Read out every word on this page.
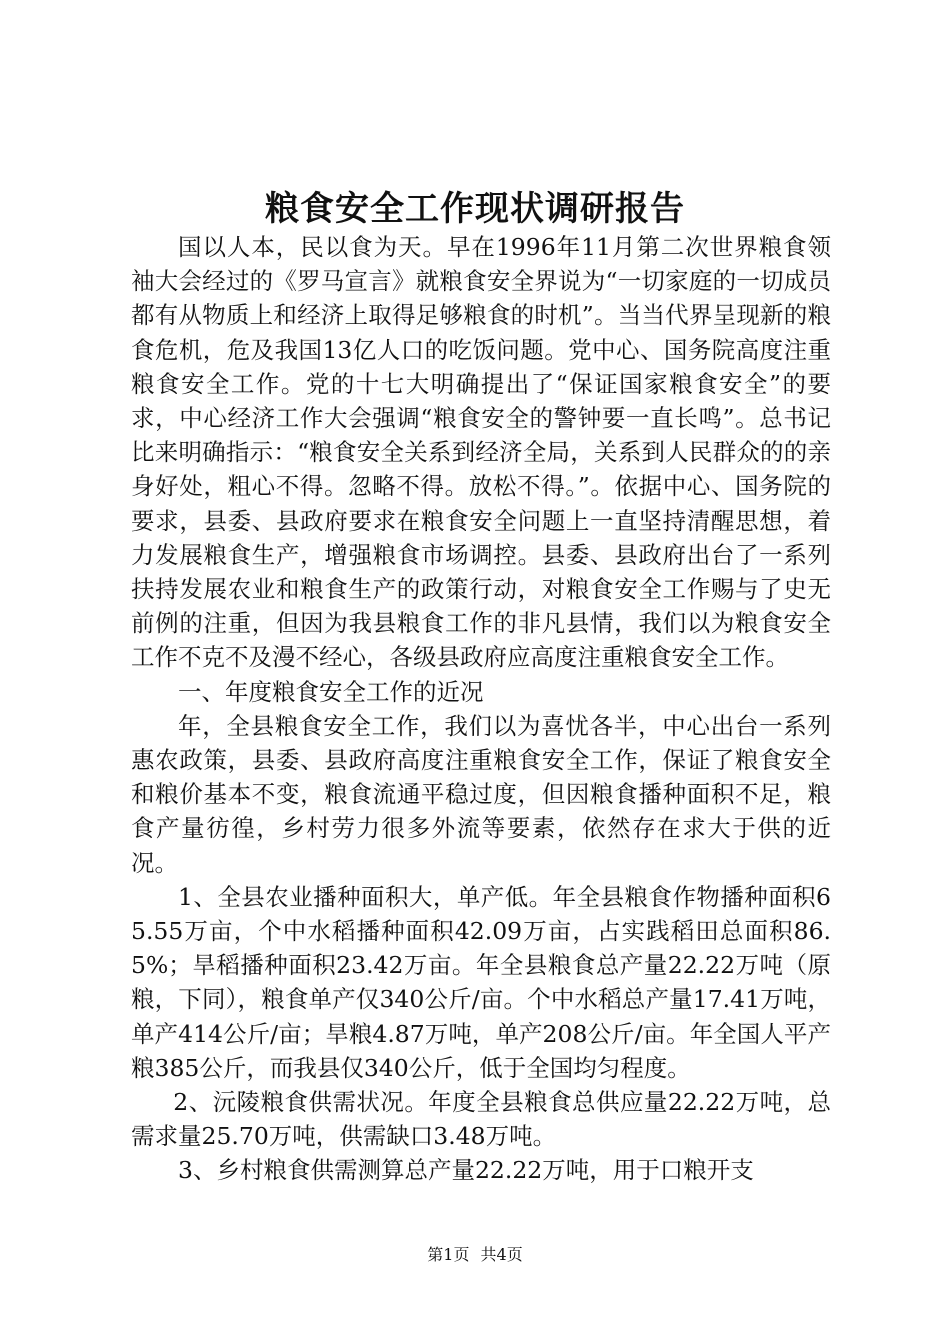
粮食安全工作现状调研报告

国以人本，民以食为天。早在1996年11月第二次世界粮食领袖大会经过的《罗马宣言》就粮食安全界说为“一切家庭的一切成员都有从物质上和经济上取得足够粮食的时机”。当当代界呈现新的粮食危机，危及我国13亿人口的吃饭问题。党中心、国务院高度注重粮食安全工作。党的十七大明确提出了“保证国家粮食安全”的要求，中心经济工作大会强调“粮食安全的警钟要一直长鸣”。总书记比来明确指示：“粮食安全关系到经济全局，关系到人民群众的的亲身好处，粗心不得。忽略不得。放松不得。”。依据中心、国务院的要求，县委、县政府要求在粮食安全问题上一直坚持清醒思想，着力发展粮食生产，增强粮食市场调控。县委、县政府出台了一系列扶持发展农业和粮食生产的政策行动，对粮食安全工作赐与了史无前例的注重，但因为我县粮食工作的非凡县情，我们以为粮食安全工作不克不及漫不经心，各级县政府应高度注重粮食安全工作。

一、年度粮食安全工作的近况

年，全县粮食安全工作，我们以为喜忧各半，中心出台一系列惠农政策，县委、县政府高度注重粮食安全工作，保证了粮食安全和粮价基本不变，粮食流通平稳过度，但因粮食播种面积不足，粮食产量彷徨，乡村劳力很多外流等要素，依然存在求大于供的近况。

1、全县农业播种面积大，单产低。年全县粮食作物播种面积65.55万亩，个中水稻播种面积42.09万亩，占实践稻田总面积86.5%；旱稻播种面积23.42万亩。年全县粮食总产量22.22万吨（原粮，下同），粮食单产仅340公斤/亩。个中水稻总产量17.41万吨，单产414公斤/亩；旱粮4.87万吨，单产208公斤/亩。年全国人平产粮385公斤，而我县仅340公斤，低于全国均匀程度。

2、沅陵粮食供需状况。年度全县粮食总供应量22.22万吨，总需求量25.70万吨，供需缺口3.48万吨。

3、乡村粮食供需测算总产量22.22万吨，用于口粮开支

第1页 共4页
